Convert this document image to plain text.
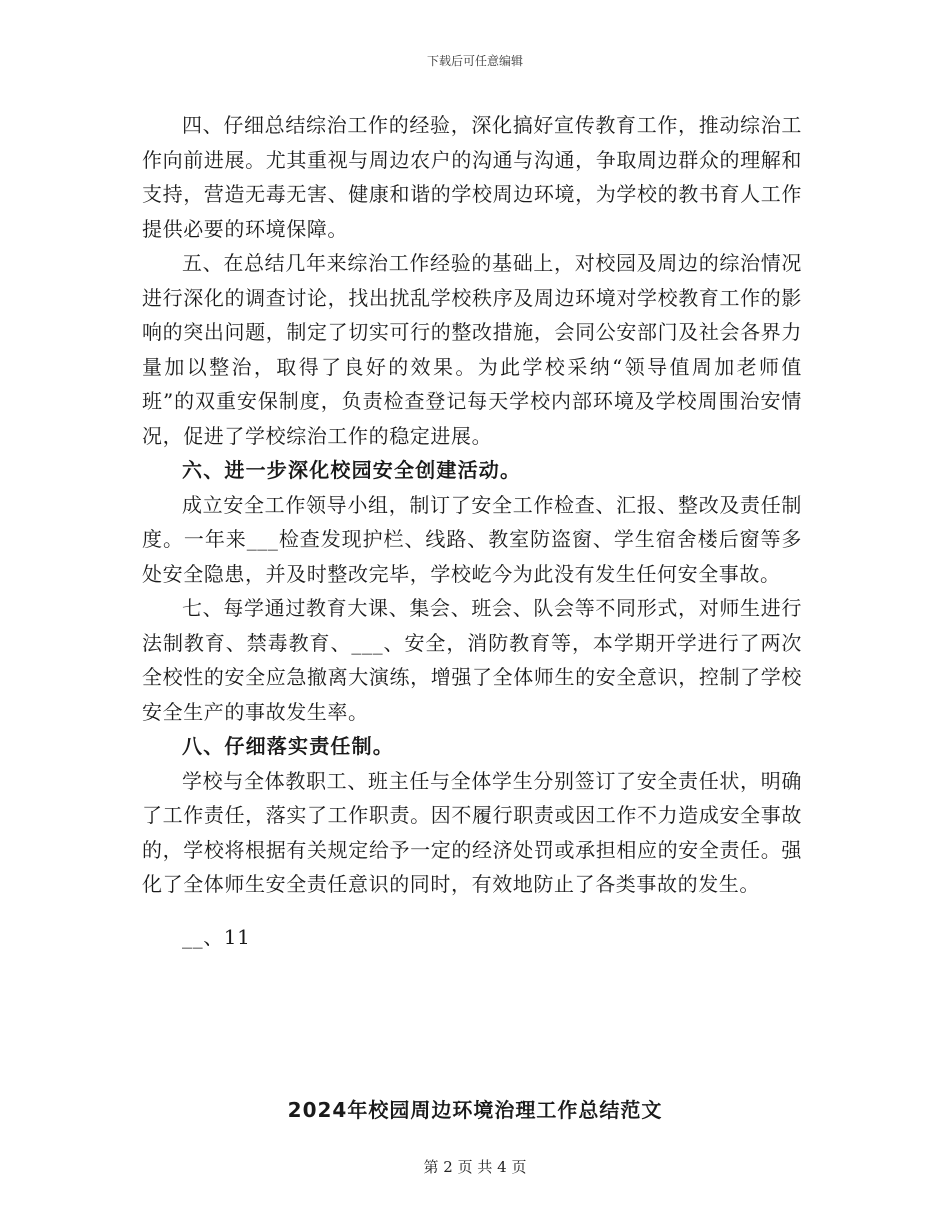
下载后可任意编辑

四、仔细总结综治工作的经验，深化搞好宣传教育工作，推动综治工作向前进展。尤其重视与周边农户的沟通与沟通，争取周边群众的理解和支持，营造无毒无害、健康和谐的学校周边环境，为学校的教书育人工作提供必要的环境保障。

五、在总结几年来综治工作经验的基础上，对校园及周边的综治情况进行深化的调查讨论，找出扰乱学校秩序及周边环境对学校教育工作的影响的突出问题，制定了切实可行的整改措施，会同公安部门及社会各界力量加以整治，取得了良好的效果。为此学校采纳“领导值周加老师值班”的双重安保制度，负责检查登记每天学校内部环境及学校周围治安情况，促进了学校综治工作的稳定进展。

六、进一步深化校园安全创建活动。

成立安全工作领导小组，制订了安全工作检查、汇报、整改及责任制度。一年来___检查发现护栏、线路、教室防盗窗、学生宿舍楼后窗等多处安全隐患，并及时整改完毕，学校屹今为此没有发生任何安全事故。

七、每学通过教育大课、集会、班会、队会等不同形式，对师生进行法制教育、禁毒教育、___、安全，消防教育等，本学期开学进行了两次全校性的安全应急撤离大演练，增强了全体师生的安全意识，控制了学校安全生产的事故发生率。

八、仔细落实责任制。

学校与全体教职工、班主任与全体学生分别签订了安全责任状，明确了工作责任，落实了工作职责。因不履行职责或因工作不力造成安全事故的，学校将根据有关规定给予一定的经济处罚或承担相应的安全责任。强化了全体师生安全责任意识的同时，有效地防止了各类事故的发生。

__、11

2024年校园周边环境治理工作总结范文
第 2 页 共 4 页
